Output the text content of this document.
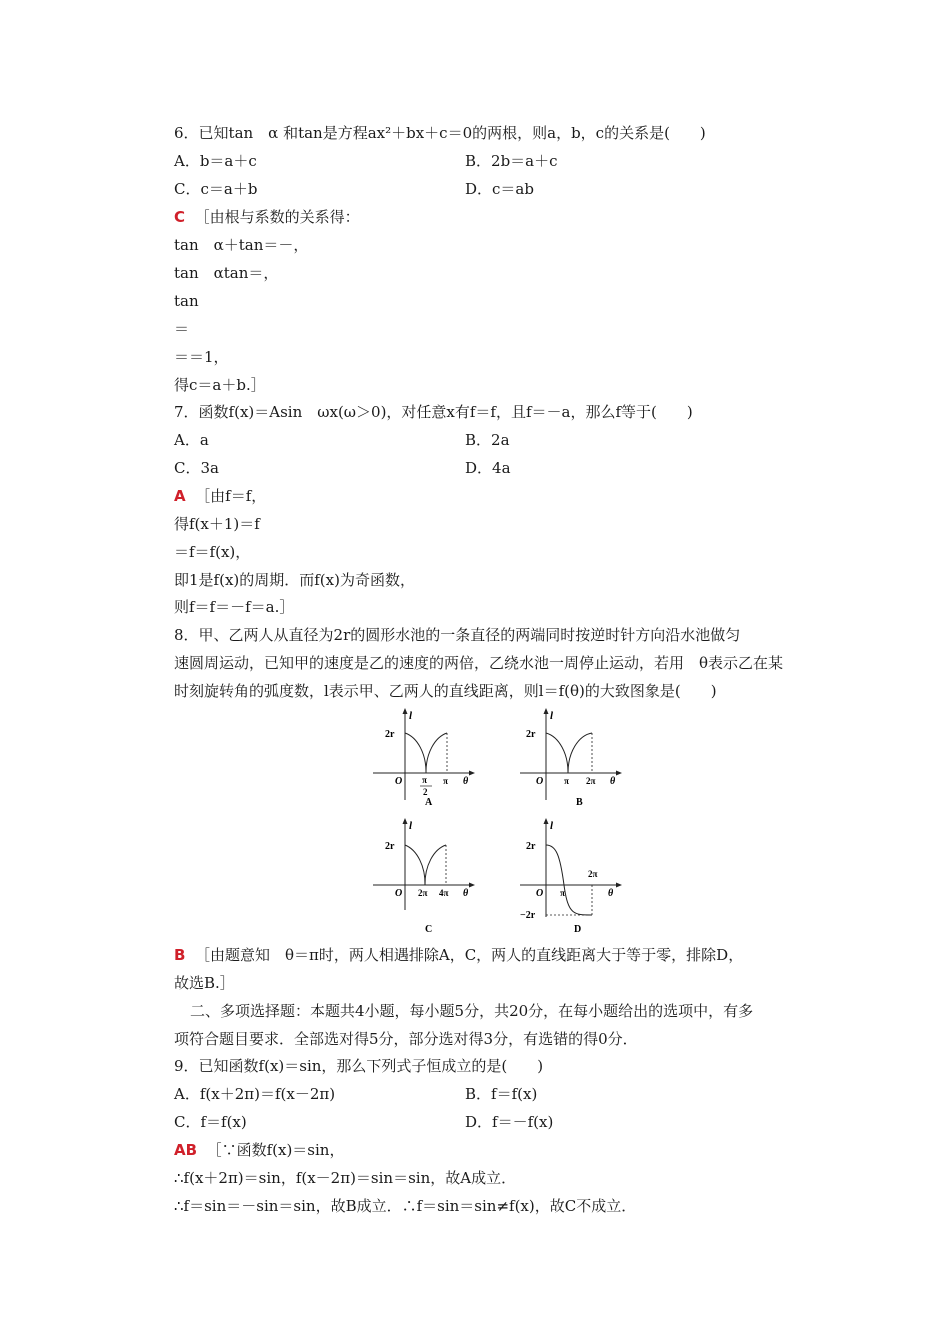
6．已知tan　α 和tan是方程ax²＋bx＋c＝0的两根，则a，b，c的关系是(　　)
A．b＝a＋c	B．2b＝a＋c
C．c＝a＋b	D．c＝ab
C ［由根与系数的关系得：
tan　α＋tan＝－，
tan　αtan＝，
tan
＝
＝＝1，
得c＝a＋b.］
7．函数f(x)＝Asin　ωx(ω＞0)，对任意x有f＝f，且f＝－a，那么f等于(　　)
A．a	B．2a
C．3a	D．4a
A ［由f＝f，
得f(x＋1)＝f
＝f＝f(x)，
即1是f(x)的周期．而f(x)为奇函数，
则f＝f＝－f＝a.］
8．甲、乙两人从直径为2r的圆形水池的一条直径的两端同时按逆时针方向沿水池做匀
速圆周运动，已知甲的速度是乙的速度的两倍，乙绕水池一周停止运动，若用　θ表示乙在某
时刻旋转角的弧度数，l表示甲、乙两人的直线距离，则l＝f(θ)的大致图象是(　　)
l
2r
O π
2
π θ
A
l
2r
O π 2π θ
B
l
2r
O 2π 4π θ
C
l
2r
−2r
O π
2π
θ
D
B ［由题意知　θ＝π时，两人相遇排除A，C，两人的直线距离大于等于零，排除D，
故选B.］
二、多项选择题：本题共4小题，每小题5分，共20分，在每小题给出的选项中，有多
项符合题目要求．全部选对得5分，部分选对得3分，有选错的得0分．
9．已知函数f(x)＝sin，那么下列式子恒成立的是(　　)
A．f(x＋2π)＝f(x－2π)	B．f＝f(x)
C．f＝f(x)	D．f＝－f(x)
AB ［∵函数f(x)＝sin，
∴f(x＋2π)＝sin，f(x－2π)＝sin＝sin，故A成立．
∴f＝sin＝－sin＝sin，故B成立．∴f＝sin＝sin≠f(x)，故C不成立．
